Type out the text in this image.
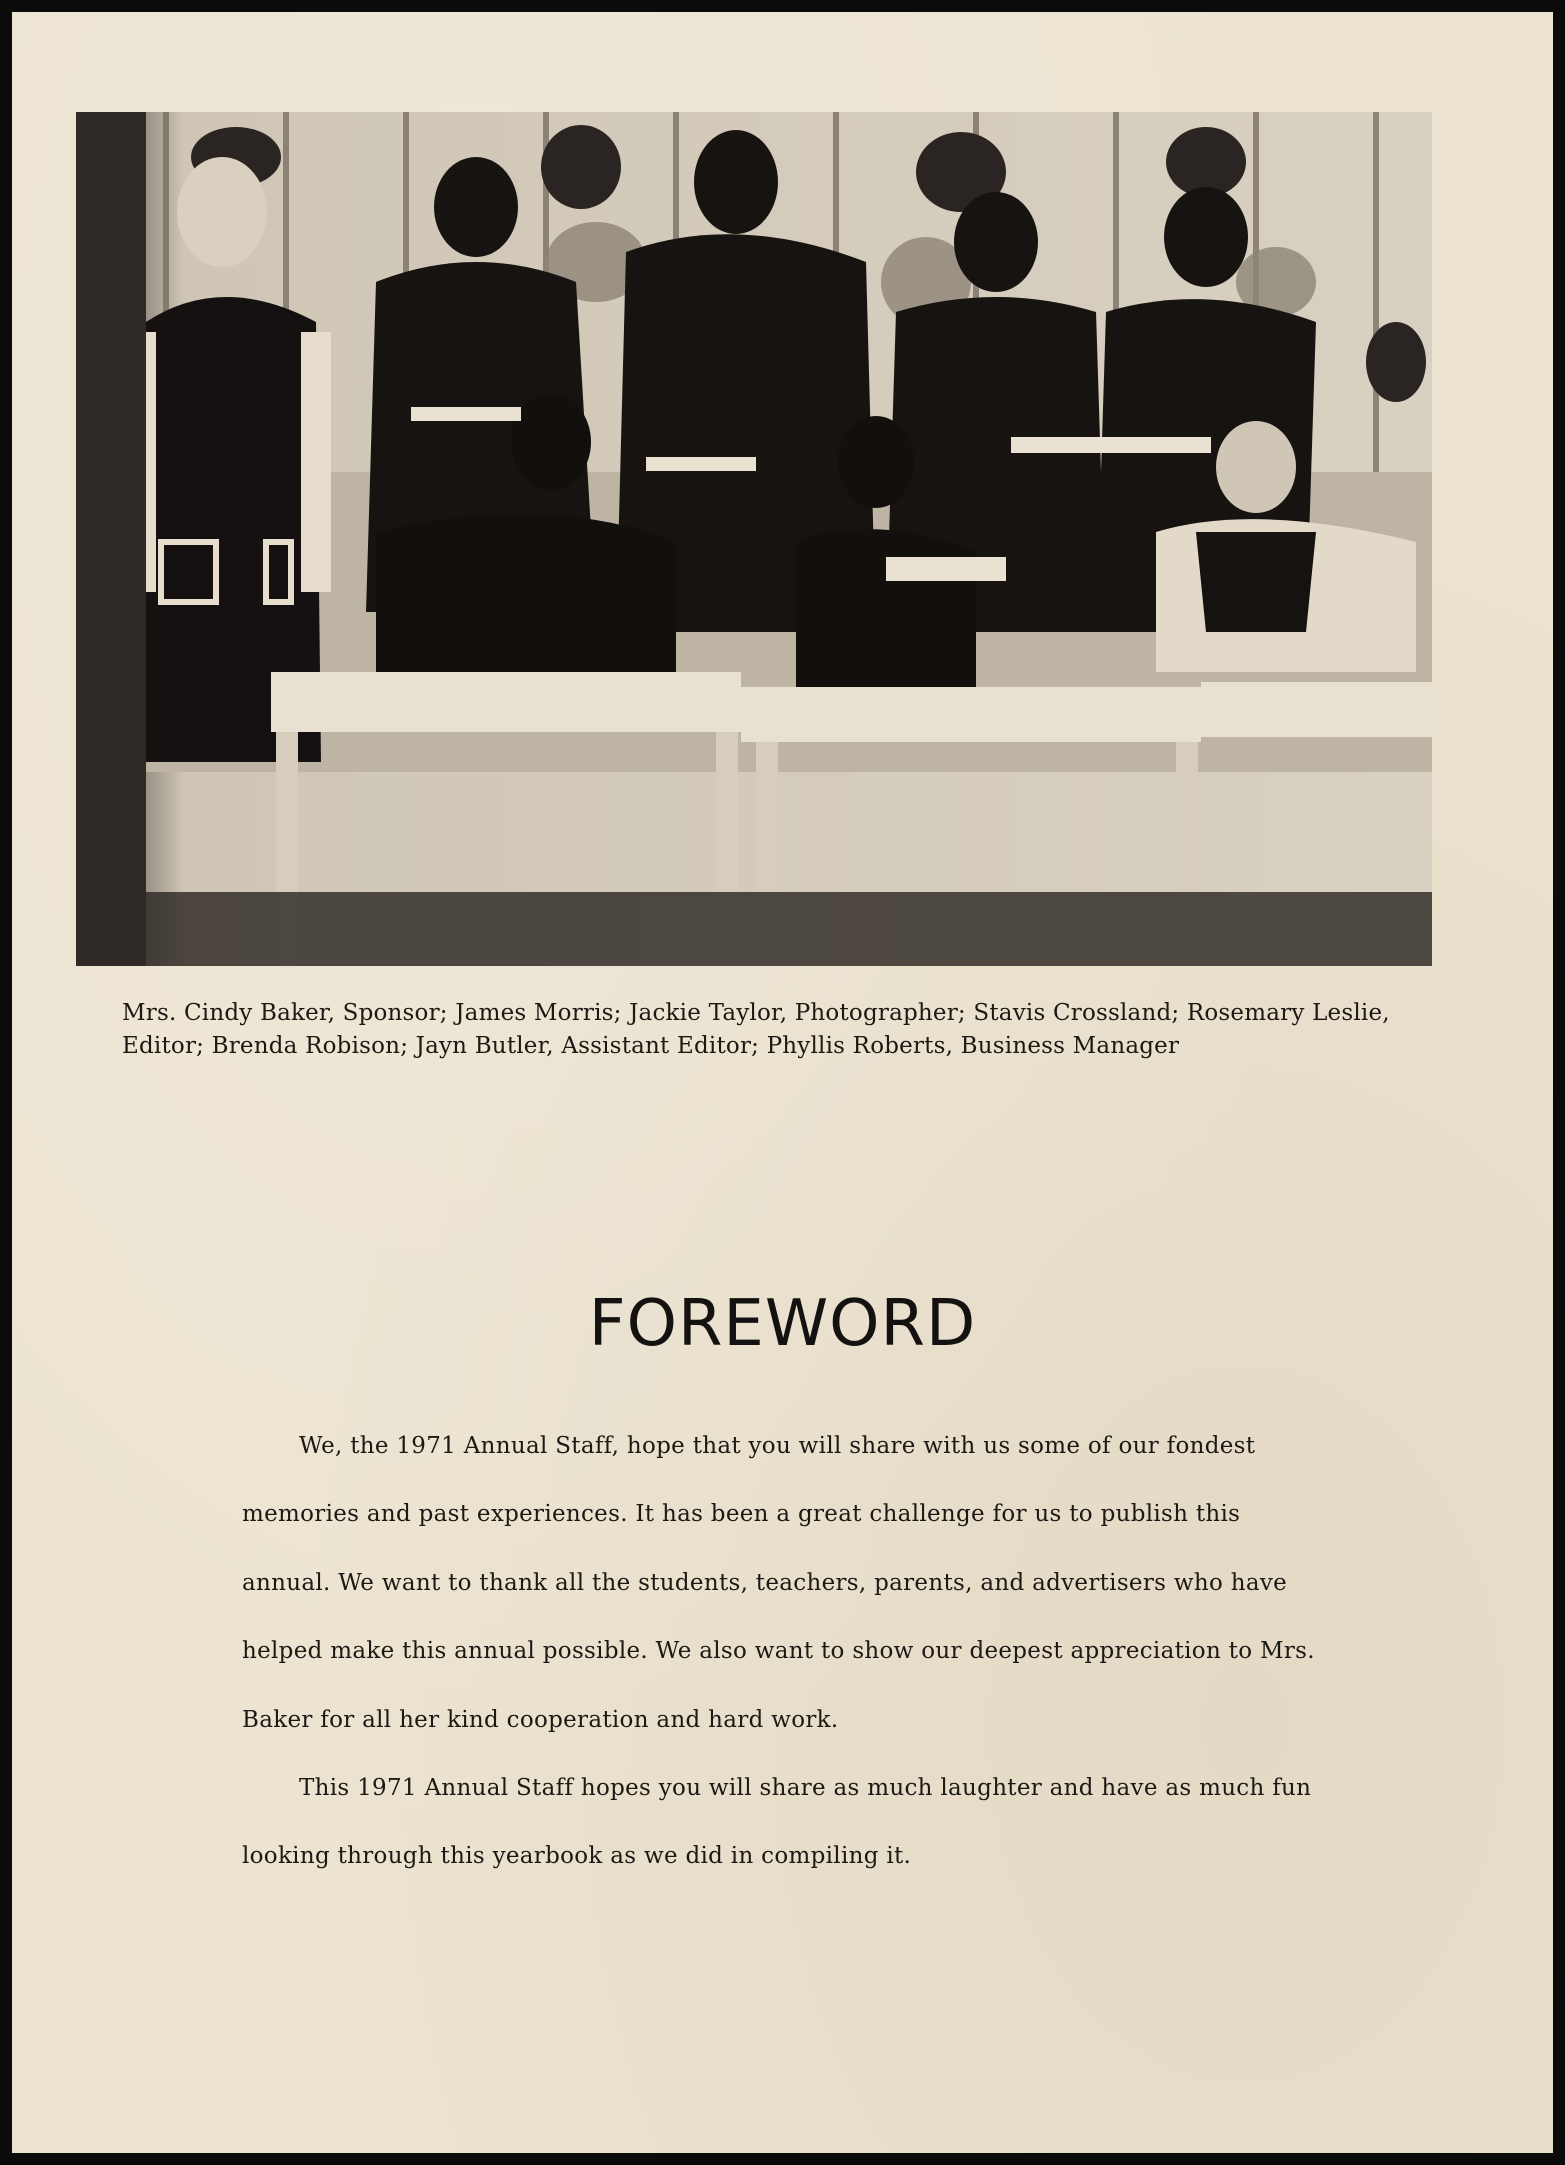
Mrs. Cindy Baker, Sponsor; James Morris; Jackie Taylor, Photographer; Stavis Crossland; Rosemary Leslie, Editor; Brenda Robison; Jayn Butler, Assistant Editor; Phyllis Roberts, Business Manager
FOREWORD

We, the 1971 Annual Staff, hope that you will share with us some of our fondest memories and past experiences. It has been a great challenge for us to publish this annual. We want to thank all the students, teachers, parents, and advertisers who have helped make this annual possible. We also want to show our deepest appreciation to Mrs. Baker for all her kind cooperation and hard work.

This 1971 Annual Staff hopes you will share as much laughter and have as much fun looking through this yearbook as we did in compiling it.
